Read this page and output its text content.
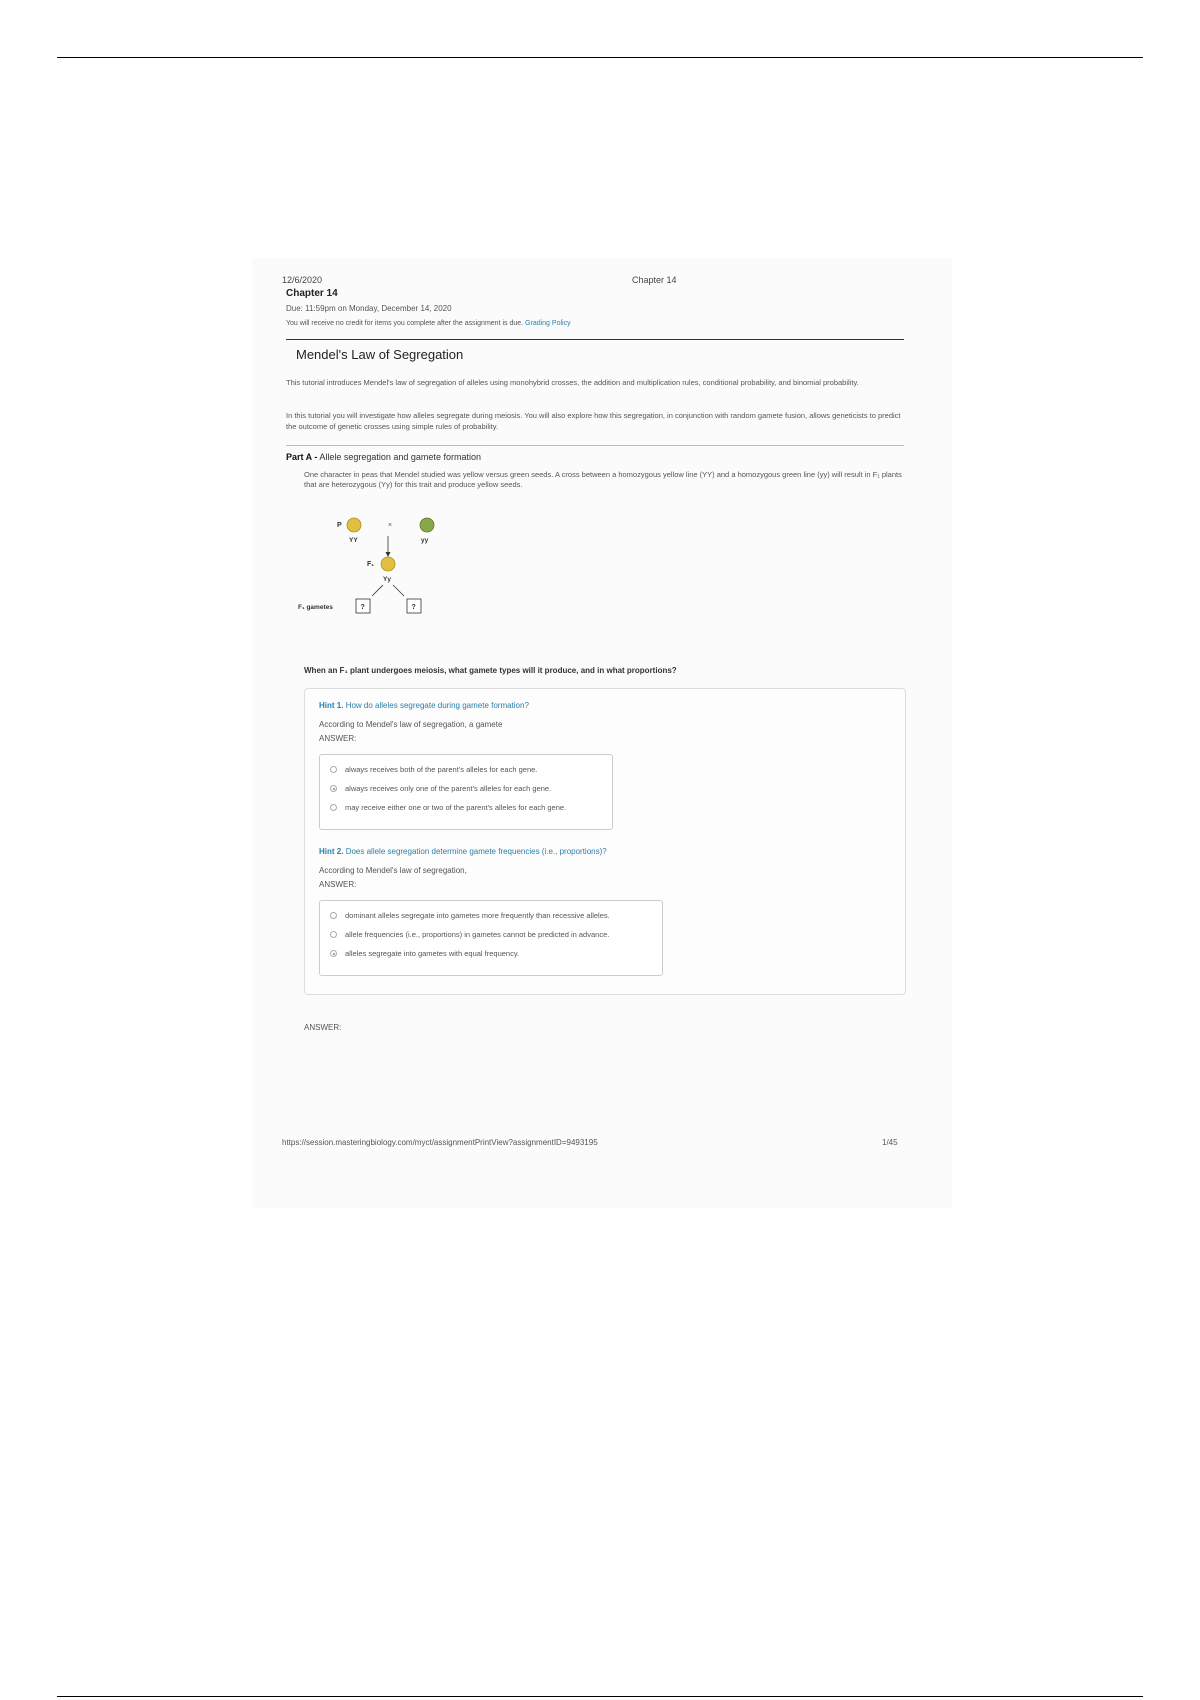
12/6/2020	Chapter 14
Chapter 14
Due: 11:59pm on Monday, December 14, 2020
You will receive no credit for items you complete after the assignment is due. Grading Policy
Mendel's Law of Segregation
This tutorial introduces Mendel's law of segregation of alleles using monohybrid crosses, the addition and multiplication rules, conditional probability, and binomial probability.
In this tutorial you will investigate how alleles segregate during meiosis. You will also explore how this segregation, in conjunction with random gamete fusion, allows geneticists to predict the outcome of genetic crosses using simple rules of probability.
Part A - Allele segregation and gamete formation
One character in peas that Mendel studied was yellow versus green seeds. A cross between a homozygous yellow line (YY) and a homozygous green line (yy) will result in F₁ plants that are heterozygous (Yy) for this trait and produce yellow seeds.
P
YY
×
yy
F₁
Yy
F₁ gametes	?	?
When an F₁ plant undergoes meiosis, what gamete types will it produce, and in what proportions?
Hint 1. How do alleles segregate during gamete formation?
According to Mendel's law of segregation, a gamete
ANSWER:
always receives both of the parent's alleles for each gene.
always receives only one of the parent's alleles for each gene.
may receive either one or two of the parent's alleles for each gene.
Hint 2. Does allele segregation determine gamete frequencies (i.e., proportions)?
According to Mendel's law of segregation,
ANSWER:
dominant alleles segregate into gametes more frequently than recessive alleles.
allele frequencies (i.e., proportions) in gametes cannot be predicted in advance.
alleles segregate into gametes with equal frequency.
ANSWER:
https://session.masteringbiology.com/myct/assignmentPrintView?assignmentID=9493195	1/45
